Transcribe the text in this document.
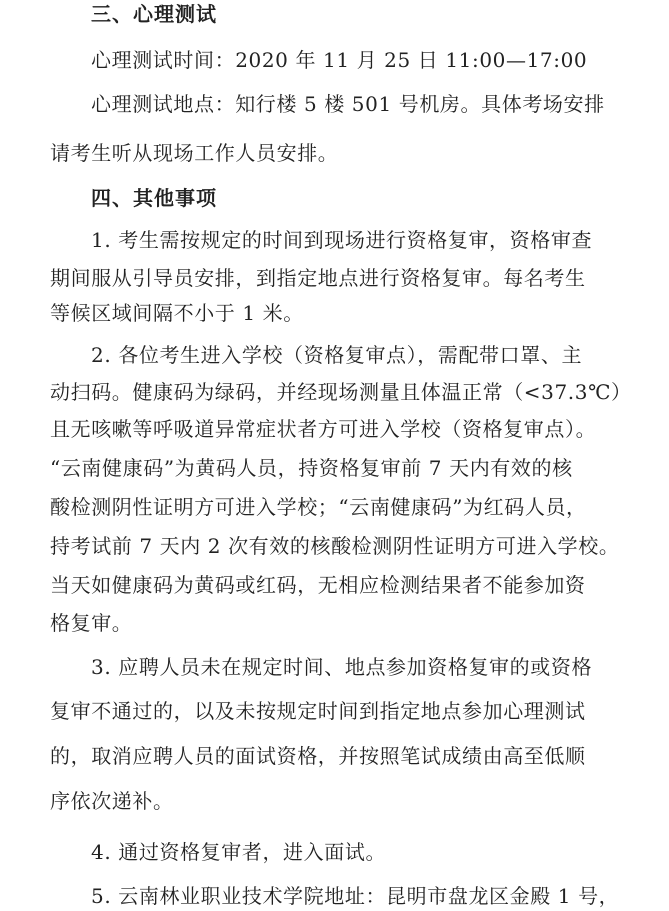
三、心理测试
心理测试时间：2020 年 11 月 25 日 11:00—17:00
心理测试地点：知行楼 5 楼 501 号机房。具体考场安排
请考生听从现场工作人员安排。
四、其他事项
1. 考生需按规定的时间到现场进行资格复审，资格审查
期间服从引导员安排，到指定地点进行资格复审。每名考生
等候区域间隔不小于 1 米。
2. 各位考生进入学校（资格复审点），需配带口罩、主
动扫码。健康码为绿码，并经现场测量且体温正常（<37.3℃）
且无咳嗽等呼吸道异常症状者方可进入学校（资格复审点）。
“云南健康码”为黄码人员，持资格复审前 7 天内有效的核
酸检测阴性证明方可进入学校；“云南健康码”为红码人员，
持考试前 7 天内 2 次有效的核酸检测阴性证明方可进入学校。
当天如健康码为黄码或红码，无相应检测结果者不能参加资
格复审。
3. 应聘人员未在规定时间、地点参加资格复审的或资格
复审不通过的，以及未按规定时间到指定地点参加心理测试
的，取消应聘人员的面试资格，并按照笔试成绩由高至低顺
序依次递补。
4. 通过资格复审者，进入面试。
5. 云南林业职业技术学院地址：昆明市盘龙区金殿 1 号，
